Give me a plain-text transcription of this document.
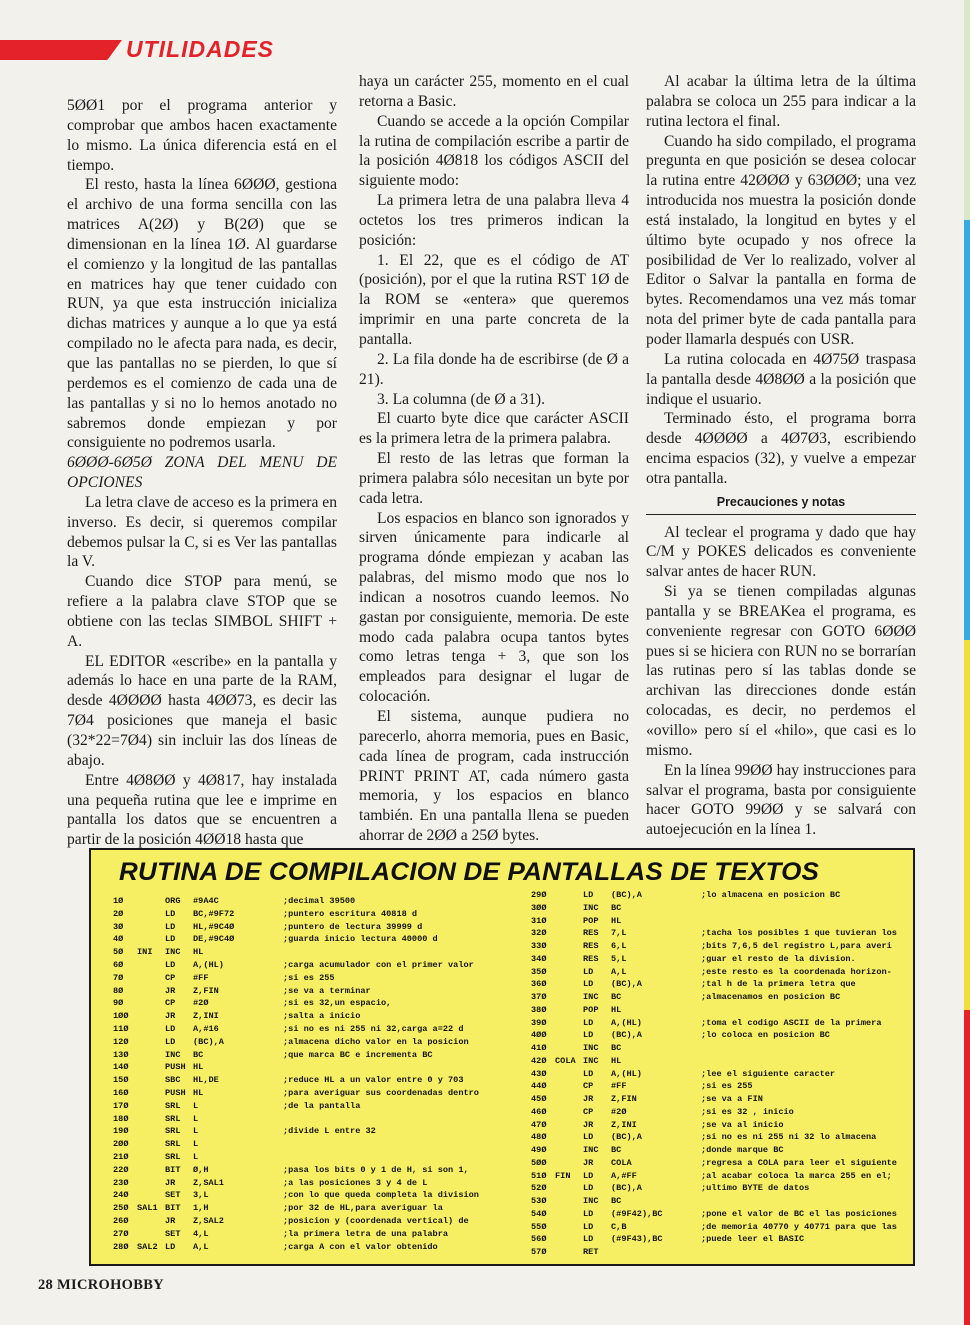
UTILIDADES

5ØØ1 por el programa anterior y comprobar que ambos hacen exactamente lo mismo. La única diferencia está en el tiempo.

El resto, hasta la línea 6ØØØ, gestiona el archivo de una forma sencilla con las matrices A(2Ø) y B(2Ø) que se dimensionan en la línea 1Ø. Al guardarse el comienzo y la longitud de las pantallas en matrices hay que tener cuidado con RUN, ya que esta instrucción inicializa dichas matrices y aunque a lo que ya está compilado no le afecta para nada, es decir, que las pantallas no se pierden, lo que sí perdemos es el comienzo de cada una de las pantallas y si no lo hemos anotado no sabremos donde empiezan y por consiguiente no podremos usarla.

6ØØØ-6Ø5Ø ZONA DEL MENU DE OPCIONES

La letra clave de acceso es la primera en inverso. Es decir, si queremos compilar debemos pulsar la C, si es Ver las pantallas la V.

Cuando dice STOP para menú, se refiere a la palabra clave STOP que se obtiene con las teclas SIMBOL SHIFT + A.

EL EDITOR «escribe» en la pantalla y además lo hace en una parte de la RAM, desde 4ØØØØ hasta 4ØØ73, es decir las 7Ø4 posiciones que maneja el basic (32*22=7Ø4) sin incluir las dos líneas de abajo.

Entre 4Ø8ØØ y 4Ø817, hay instalada una pequeña rutina que lee e imprime en pantalla los datos que se encuentren a partir de la posición 4ØØ18 hasta que

haya un carácter 255, momento en el cual retorna a Basic.

Cuando se accede a la opción Compilar la rutina de compilación escribe a partir de la posición 4Ø818 los códigos ASCII del siguiente modo:

La primera letra de una palabra lleva 4 octetos los tres primeros indican la posición:

1. El 22, que es el código de AT (posición), por el que la rutina RST 1Ø de la ROM se «entera» que queremos imprimir en una parte concreta de la pantalla.

2. La fila donde ha de escribirse (de Ø a 21).

3. La columna (de Ø a 31).

El cuarto byte dice que carácter ASCII es la primera letra de la primera palabra.

El resto de las letras que forman la primera palabra sólo necesitan un byte por cada letra.

Los espacios en blanco son ignorados y sirven únicamente para indicarle al programa dónde empiezan y acaban las palabras, del mismo modo que nos lo indican a nosotros cuando leemos. No gastan por consiguiente, memoria. De este modo cada palabra ocupa tantos bytes como letras tenga + 3, que son los empleados para designar el lugar de colocación.

El sistema, aunque pudiera no parecerlo, ahorra memoria, pues en Basic, cada línea de program, cada instrucción PRINT PRINT AT, cada número gasta memoria, y los espacios en blanco también. En una pantalla llena se pueden ahorrar de 2ØØ a 25Ø bytes.

Al acabar la última letra de la última palabra se coloca un 255 para indicar a la rutina lectora el final.

Cuando ha sido compilado, el programa pregunta en que posición se desea colocar la rutina entre 42ØØØ y 63ØØØ; una vez introducida nos muestra la posición donde está instalado, la longitud en bytes y el último byte ocupado y nos ofrece la posibilidad de Ver lo realizado, volver al Editor o Salvar la pantalla en forma de bytes. Recomendamos una vez más tomar nota del primer byte de cada pantalla para poder llamarla después con USR.

La rutina colocada en 4Ø75Ø traspasa la pantalla desde 4Ø8ØØ a la posición que indique el usuario.

Terminado ésto, el programa borra desde 4ØØØØ a 4Ø7Ø3, escribiendo encima espacios (32), y vuelve a empezar otra pantalla.

Precauciones y notas

Al teclear el programa y dado que hay C/M y POKES delicados es conveniente salvar antes de hacer RUN.

Si ya se tienen compiladas algunas pantalla y se BREAKea el programa, es conveniente regresar con GOTO 6ØØØ pues si se hiciera con RUN no se borrarían las rutinas pero sí las tablas donde se archivan las direcciones donde están colocadas, es decir, no perdemos el «ovillo» pero sí el «hilo», que casi es lo mismo.

En la línea 99ØØ hay instrucciones para salvar el programa, basta por consiguiente hacer GOTO 99ØØ y se salvará con autoejecución en la línea 1.

RUTINA DE COMPILACION DE PANTALLAS DE TEXTOS
1Ø	ORG #9A4C	;decimal 39500
2Ø	LD BC,#9F72	;puntero escritura 40818 d
3Ø	LD HL,#9C4Ø	;puntero de lectura 39999 d
4Ø	LD DE,#9C4Ø	;guarda inicio lectura 40000 d
5Ø INI INC HL
6Ø	LD A,(HL)	;carga acumulador con el primer valor
7Ø	CP #FF	;si es 255
8Ø	JR Z,FIN	;se va a terminar
9Ø	CP #2Ø	;si es 32,un espacio,
1ØØ	JR Z,INI	;salta a inicio
11Ø	LD A,#16	;si no es ni 255 ni 32,carga a=22 d
12Ø	LD (BC),A	;almacena dicho valor en la posicion
13Ø	INC BC	;que marca BC e incrementa BC
14Ø	PUSH HL
15Ø	SBC HL,DE	;reduce HL a un valor entre 0 y 703
16Ø	PUSH HL	;para averiguar sus coordenadas dentro
17Ø	SRL L	;de la pantalla
18Ø	SRL L
19Ø	SRL L	;divide L entre 32
2ØØ	SRL L
21Ø	SRL L
22Ø	BIT Ø,H	;pasa los bits 0 y 1 de H, si son 1,
23Ø	JR Z,SAL1	;a las posiciones 3 y 4 de L
24Ø	SET 3,L	;con lo que queda completa la division
25Ø SAL1 BIT 1,H	;por 32 de HL,para averiguar la
26Ø	JR Z,SAL2	;posicion y (coordenada vertical) de
27Ø	SET 4,L	;la primera letra de una palabra
28Ø SAL2 LD A,L	;carga A con el valor obtenido
29Ø	LD (BC),A	;lo almacena en posicion BC
3ØØ	INC BC
31Ø	POP HL
32Ø	RES 7,L	;tacha los posibles 1 que tuvieran los
33Ø	RES 6,L	;bits 7,6,5 del registro L,para averi
34Ø	RES 5,L	;guar el resto de la division.
35Ø	LD A,L	;este resto es la coordenada horizon-
36Ø	LD (BC),A	;tal h de la primera letra que
37Ø	INC BC	;almacenamos en posicion BC
38Ø	POP HL
39Ø	LD A,(HL)	;toma el codigo ASCII de la primera
4ØØ	LD (BC),A	;lo coloca en posicion BC
41Ø	INC BC
42Ø COLA INC HL
43Ø	LD A,(HL)	;lee el siguiente caracter
44Ø	CP #FF	;si es 255
45Ø	JR Z,FIN	;se va a FIN
46Ø	CP #2Ø	;si es 32 , inicio
47Ø	JR Z,INI	;se va al inicio
48Ø	LD (BC),A	;si no es ni 255 ni 32 lo almacena
49Ø	INC BC	;donde marque BC
5ØØ	JR COLA	;regresa a COLA para leer el siguiente
51Ø FIN LD A,#FF	;al acabar coloca la marca 255 en el;
52Ø	LD (BC),A	;ultimo BYTE de datos
53Ø	INC BC
54Ø	LD (#9F42),BC	;pone el valor de BC el las posiciones
55Ø	LD C,B	;de memoria 40770 y 40771 para que las
56Ø	LD (#9F43),BC	;puede leer el BASIC
57Ø	RET
28 MICROHOBBY
